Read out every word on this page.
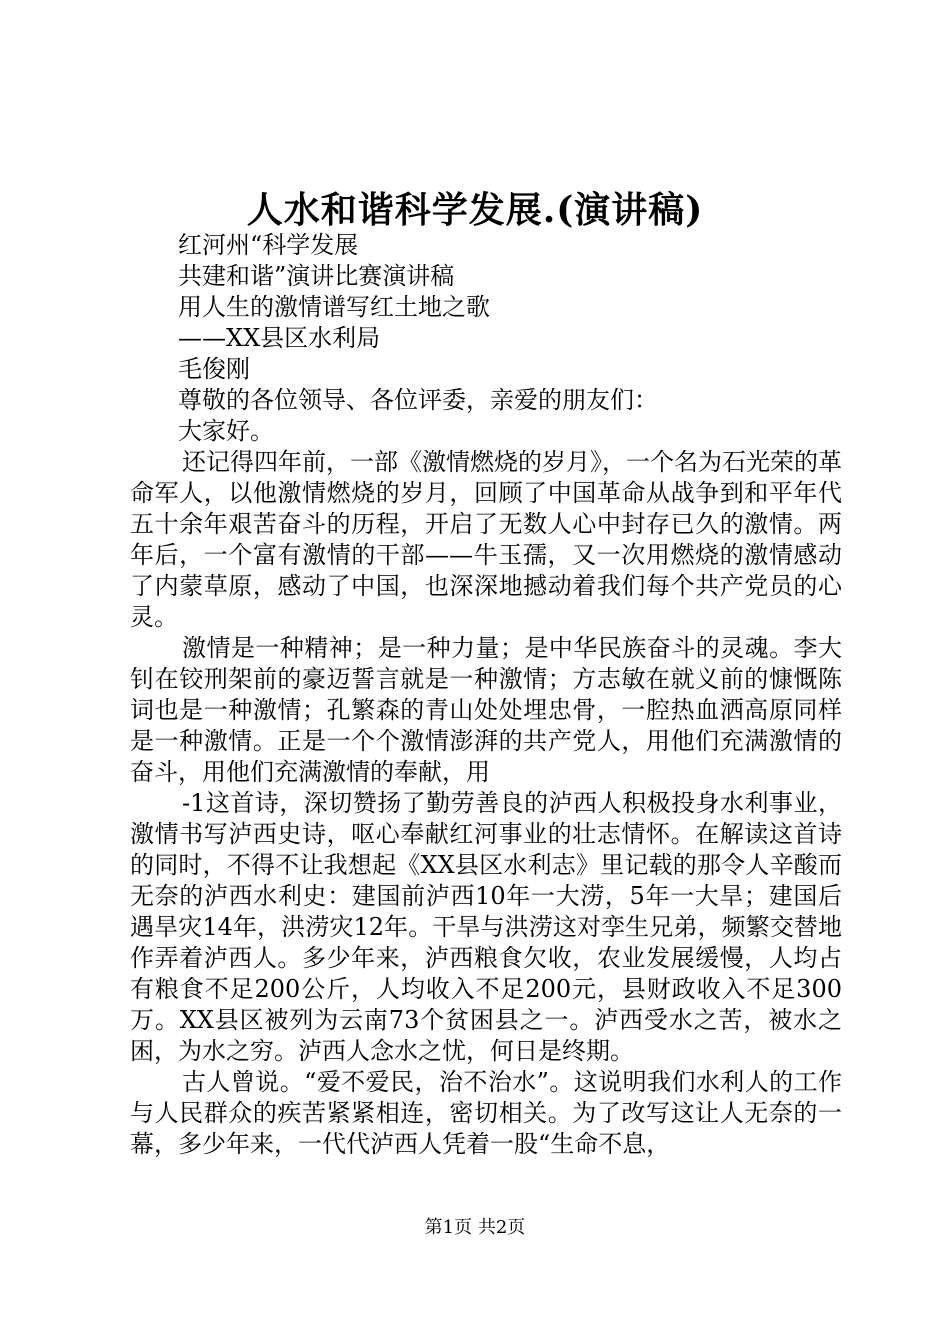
人水和谐科学发展.(演讲稿)

红河州“科学发展

共建和谐”演讲比赛演讲稿

用人生的激情谱写红土地之歌

——XX县区水利局

毛俊刚

尊敬的各位领导、各位评委，亲爱的朋友们：

大家好。

还记得四年前，一部《激情燃烧的岁月》，一个名为石光荣的革命军人，以他激情燃烧的岁月，回顾了中国革命从战争到和平年代五十余年艰苦奋斗的历程，开启了无数人心中封存已久的激情。两年后，一个富有激情的干部——牛玉孺，又一次用燃烧的激情感动了内蒙草原，感动了中国，也深深地撼动着我们每个共产党员的心灵。

激情是一种精神；是一种力量；是中华民族奋斗的灵魂。李大钊在铰刑架前的豪迈誓言就是一种激情；方志敏在就义前的慷慨陈词也是一种激情；孔繁森的青山处处埋忠骨，一腔热血洒高原同样是一种激情。正是一个个激情澎湃的共产党人，用他们充满激情的奋斗，用他们充满激情的奉献，用

-1这首诗，深切赞扬了勤劳善良的泸西人积极投身水利事业，激情书写泸西史诗，呕心奉献红河事业的壮志情怀。在解读这首诗的同时，不得不让我想起《XX县区水利志》里记载的那令人辛酸而无奈的泸西水利史：建国前泸西10年一大涝，5年一大旱；建国后遇旱灾14年，洪涝灾12年。干旱与洪涝这对孪生兄弟，频繁交替地作弄着泸西人。多少年来，泸西粮食欠收，农业发展缓慢，人均占有粮食不足200公斤，人均收入不足200元，县财政收入不足300万。XX县区被列为云南73个贫困县之一。泸西受水之苦，被水之困，为水之穷。泸西人念水之忧，何日是终期。

古人曾说。“爱不爱民，治不治水”。这说明我们水利人的工作与人民群众的疾苦紧紧相连，密切相关。为了改写这让人无奈的一幕，多少年来，一代代泸西人凭着一股“生命不息，

第1页 共2页
